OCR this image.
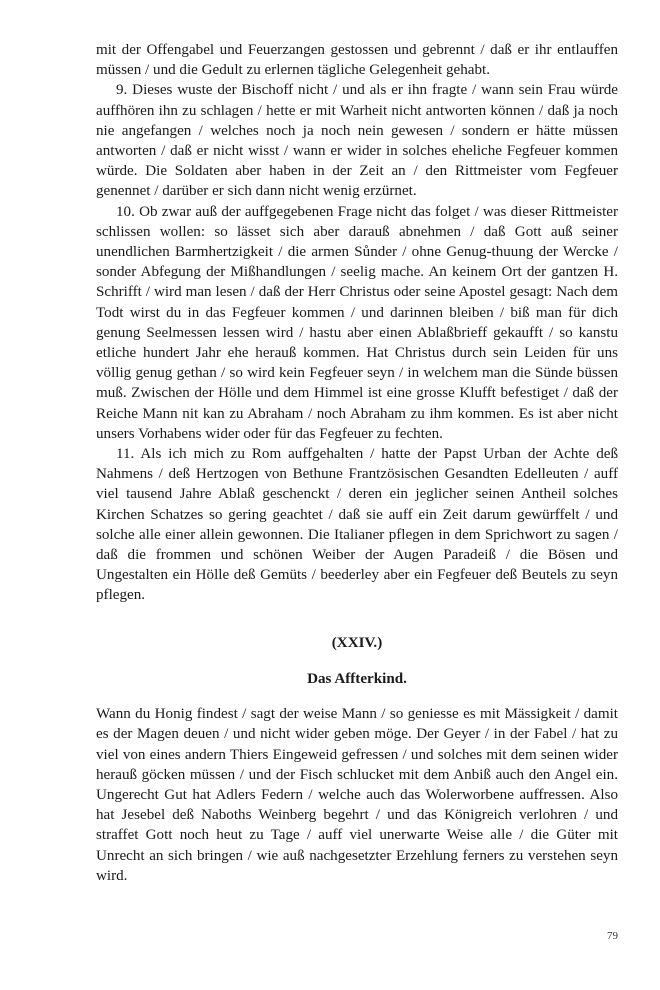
mit der Offengabel und Feuerzangen gestossen und gebrennt / daß er ihr entlauffen müssen / und die Gedult zu erlernen tägliche Gelegenheit gehabt.

9. Dieses wuste der Bischoff nicht / und als er ihn fragte / wann sein Frau würde auffhören ihn zu schlagen / hette er mit Warheit nicht antworten können / daß ja noch nie angefangen / welches noch ja noch nein gewesen / sondern er hätte müssen antworten / daß er nicht wisst / wann er wider in solches eheliche Fegfeuer kommen würde. Die Soldaten aber haben in der Zeit an / den Rittmeister vom Fegfeuer genennet / darüber er sich dann nicht wenig erzürnet.

10. Ob zwar auß der auffgegebenen Frage nicht das folget / was dieser Rittmeister schlissen wollen: so lässet sich aber darauß abnehmen / daß Gott auß seiner unendlichen Barmhertzigkeit / die armen Sůnder / ohne Genug-thuung der Wercke / sonder Abfegung der Mißhandlungen / seelig mache. An keinem Ort der gantzen H. Schrifft / wird man lesen / daß der Herr Christus oder seine Apostel gesagt: Nach dem Todt wirst du in das Fegfeuer kommen / und darinnen bleiben / biß man für dich genung Seelmessen lessen wird / hastu aber einen Ablaßbrieff gekaufft / so kanstu etliche hundert Jahr ehe herauß kommen. Hat Christus durch sein Leiden für uns völlig genug gethan / so wird kein Fegfeuer seyn / in welchem man die Sünde büssen muß. Zwischen der Hölle und dem Himmel ist eine grosse Klufft befestiget / daß der Reiche Mann nit kan zu Abraham / noch Abraham zu ihm kommen. Es ist aber nicht unsers Vorhabens wider oder für das Fegfeuer zu fechten.

11. Als ich mich zu Rom auffgehalten / hatte der Papst Urban der Achte deß Nahmens / deß Hertzogen von Bethune Frantzösischen Gesandten Edelleuten / auff viel tausend Jahre Ablaß geschenckt / deren ein jeglicher seinen Antheil solches Kirchen Schatzes so gering geachtet / daß sie auff ein Zeit darum gewürffelt / und solche alle einer allein gewonnen. Die Italianer pflegen in dem Sprichwort zu sagen / daß die frommen und schönen Weiber der Augen Paradeiß / die Bösen und Ungestalten ein Hölle deß Gemüts / beederley aber ein Fegfeuer deß Beutels zu seyn pflegen.

(XXIV.)
Das Affterkind.

Wann du Honig findest / sagt der weise Mann / so geniesse es mit Mässigkeit / damit es der Magen deuen / und nicht wider geben möge. Der Geyer / in der Fabel / hat zu viel von eines andern Thiers Eingeweid gefressen / und solches mit dem seinen wider herauß göcken müssen / und der Fisch schlucket mit dem Anbiß auch den Angel ein. Ungerecht Gut hat Adlers Federn / welche auch das Wolerworbene auffressen. Also hat Jesebel deß Naboths Weinberg begehrt / und das Königreich verlohren / und straffet Gott noch heut zu Tage / auff viel unerwarte Weise alle / die Güter mit Unrecht an sich bringen / wie auß nachgesetzter Erzehlung ferners zu verstehen seyn wird.

79
